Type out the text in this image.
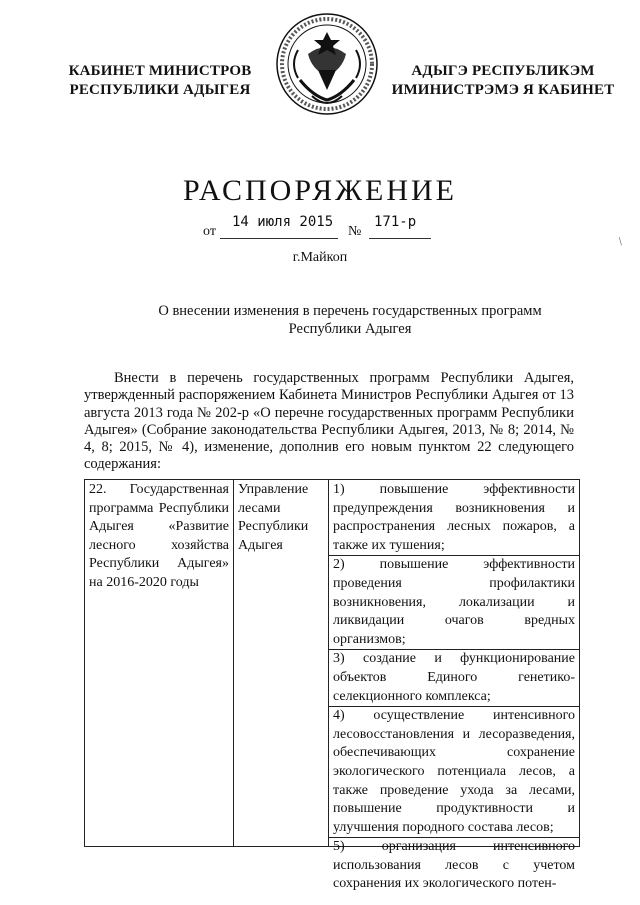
КАБИНЕТ МИНИСТРОВ
РЕСПУБЛИКИ АДЫГЕЯ
АДЫГЭ РЕСПУБЛИКЭМ
ИМИНИСТРЭМЭ Я КАБИНЕТ
РАСПОРЯЖЕНИЕ
от
14 июля 2015
№
171-р
/
г.Майкоп
О внесении изменения в перечень государственных программ
Республики Адыгея
Внести в перечень государственных программ Республики Адыгея, утвержденный распоряжением Кабинета Министров Республики Адыгея от 13 августа 2013 года № 202-р «О перечне государственных программ Республики Адыгея» (Собрание законодательства Республики Адыгея, 2013, № 8; 2014, № 4, 8; 2015, № 4), изменение, дополнив его новым пунктом 22 следующего содержания:
22. Государственная программа Республики Адыгея «Развитие лесного хозяйства Республики Адыгея» на 2016-2020 годы
Управление лесами Республики Адыгея
1) повышение эффективности предупреждения возникновения и распространения лесных пожаров, а также их тушения;
2) повышение эффективности проведения профилактики возникновения, локализации и ликвидации очагов вредных организмов;
3) создание и функционирование объектов Единого генетико-селекционного комплекса;
4) осуществление интенсивного лесовосстановления и лесоразведения, обеспечивающих сохранение экологического потенциала лесов, а также проведение ухода за лесами, повышение продуктивности и улучшения породного состава лесов;
5) организация интенсивного использования лесов с учетом сохранения их экологического потен-
